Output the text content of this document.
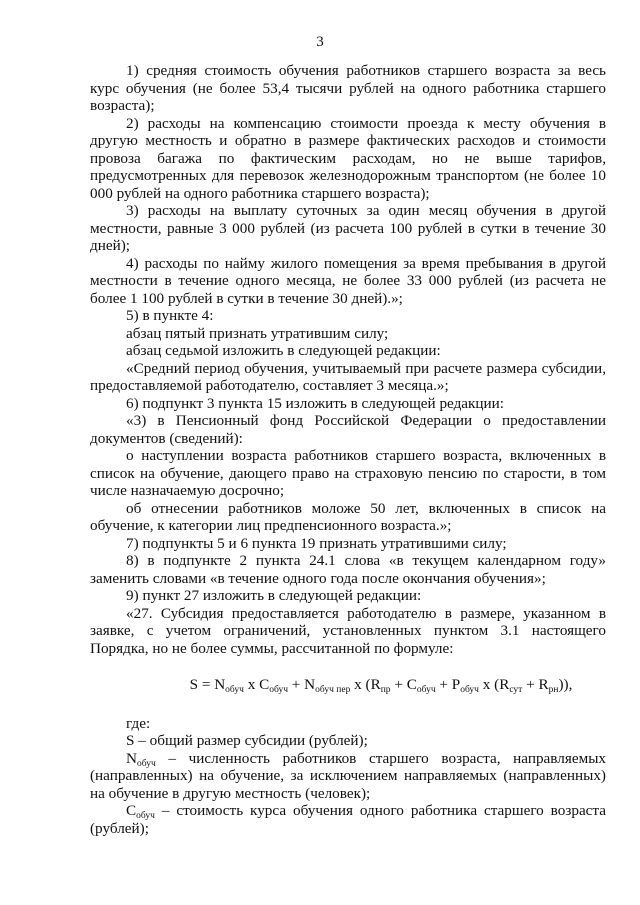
3

1) средняя стоимость обучения работников старшего возраста за весь курс обучения (не более 53,4 тысячи рублей на одного работника старшего возраста);

2) расходы на компенсацию стоимости проезда к месту обучения в другую местность и обратно в размере фактических расходов и стоимости провоза багажа по фактическим расходам, но не выше тарифов, предусмотренных для перевозок железнодорожным транспортом (не более 10 000 рублей на одного работника старшего возраста);

3) расходы на выплату суточных за один месяц обучения в другой местности, равные 3 000 рублей (из расчета 100 рублей в сутки в течение 30 дней);

4) расходы по найму жилого помещения за время пребывания в другой местности в течение одного месяца, не более 33 000 рублей (из расчета не более 1 100 рублей в сутки в течение 30 дней).»;

5) в пункте 4:

абзац пятый признать утратившим силу;

абзац седьмой изложить в следующей редакции:

«Средний период обучения, учитываемый при расчете размера субсидии, предоставляемой работодателю, составляет 3 месяца.»;

6) подпункт 3 пункта 15 изложить в следующей редакции:

«3) в Пенсионный фонд Российской Федерации о предоставлении документов (сведений):

о наступлении возраста работников старшего возраста, включенных в список на обучение, дающего право на страховую пенсию по старости, в том числе назначаемую досрочно;

об отнесении работников моложе 50 лет, включенных в список на обучение, к категории лиц предпенсионного возраста.»;

7) подпункты 5 и 6 пункта 19 признать утратившими силу;

8) в подпункте 2 пункта 24.1 слова «в текущем календарном году» заменить словами «в течение одного года после окончания обучения»;

9) пункт 27 изложить в следующей редакции:

«27. Субсидия предоставляется работодателю в размере, указанном в заявке, с учетом ограничений, установленных пунктом 3.1 настоящего Порядка, но не более суммы, рассчитанной по формуле:

$S = N_{обуч}$ x $C_{обуч} + N_{обуч пер}$ x ($R_{пр} + C_{обуч} + P_{обуч}$ x $(R_{сут} + R_{рн})$),

где:

S – общий размер субсидии (рублей);

$N_{обуч}$ – численность работников старшего возраста, направляемых (направленных) на обучение, за исключением направляемых (направленных) на обучение в другую местность (человек);

$С_{обуч}$ – стоимость курса обучения одного работника старшего возраста (рублей);
